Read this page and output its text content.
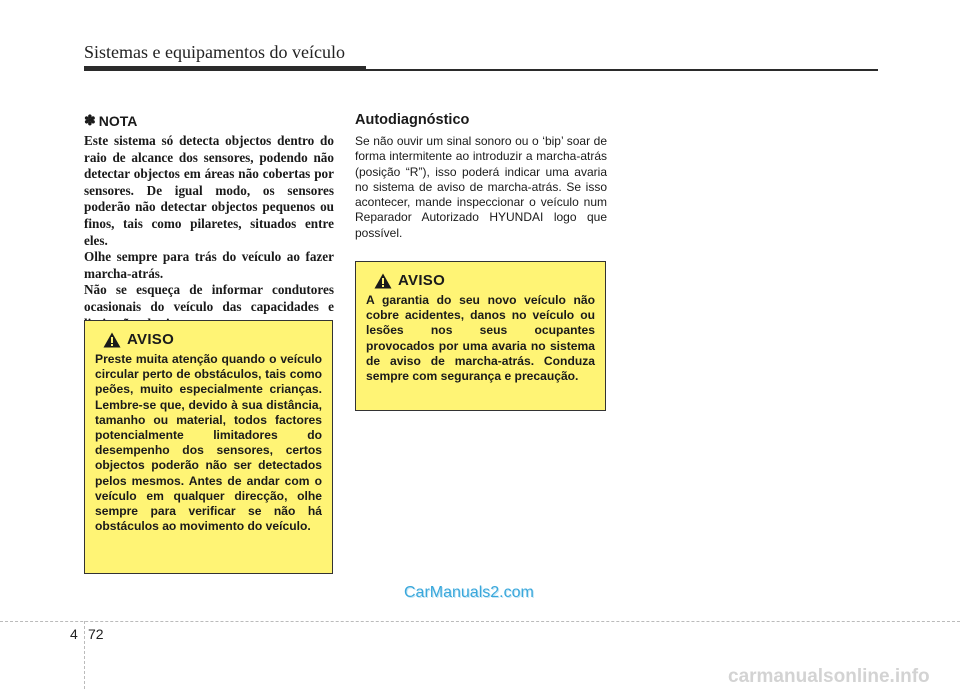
Sistemas e equipamentos do veículo
✽ NOTA

Este sistema só detecta objectos dentro do raio de alcance dos sensores, podendo não detectar objectos em áreas não cobertas por sensores. De igual modo, os sensores poderão não detectar objectos pequenos ou finos, tais como pilaretes, situados entre eles.

Olhe sempre para trás do veículo ao fazer marcha-atrás.

Não se esqueça de informar condutores ocasionais do veículo das capacidades e

AVISO

Preste muita atenção quando o veículo circular perto de obstáculos, tais como peões, muito especialmente crianças. Lembre-se que, devido à sua distância, tamanho ou material, todos factores potencialmente limitadores do desempenho dos sensores, certos objectos poderão não ser detectados pelos mesmos. Antes de andar com o veículo em qualquer direcção, olhe sempre para verificar se não há obstáculos ao movimento do veículo.

Autodiagnóstico

Se não ouvir um sinal sonoro ou o ‘bip’ soar de forma intermitente ao introduzir a marcha-atrás (posição “R”), isso poderá indicar uma avaria no sistema de aviso de marcha-atrás. Se isso acontecer, mande inspeccionar o veículo num Reparador Autorizado HYUNDAI logo que possível.

AVISO

A garantia do seu novo veículo não cobre acidentes, danos no veículo ou lesões nos seus ocupantes provocados por uma avaria no sistema de aviso de marcha-atrás. Conduza sempre com segurança e precaução.

CarManuals2.com
4 72
carmanualsonline.info
